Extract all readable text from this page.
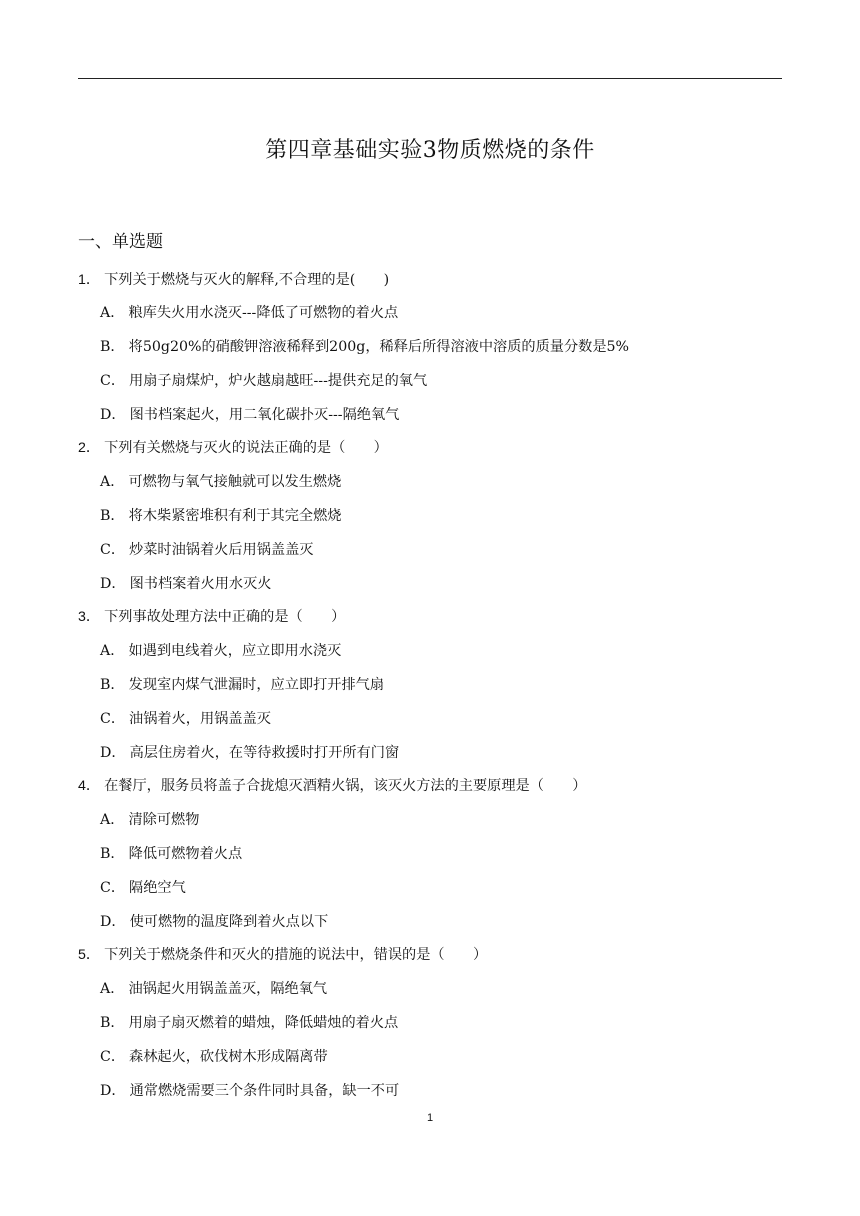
第四章基础实验3物质燃烧的条件
一、单选题
1． 下列关于燃烧与灭火的解释,不合理的是(　　)
A． 粮库失火用水浇灭---降低了可燃物的着火点
B． 将50g20%的硝酸钾溶液稀释到200g，稀释后所得溶液中溶质的质量分数是5%
C． 用扇子扇煤炉，炉火越扇越旺---提供充足的氧气
D． 图书档案起火，用二氧化碳扑灭---隔绝氧气
2． 下列有关燃烧与灭火的说法正确的是（　　）
A． 可燃物与氧气接触就可以发生燃烧
B． 将木柴紧密堆积有利于其完全燃烧
C． 炒菜时油锅着火后用锅盖盖灭
D． 图书档案着火用水灭火
3． 下列事故处理方法中正确的是（　　）
A． 如遇到电线着火，应立即用水浇灭
B． 发现室内煤气泄漏时，应立即打开排气扇
C． 油锅着火，用锅盖盖灭
D． 高层住房着火，在等待救援时打开所有门窗
4． 在餐厅，服务员将盖子合拢熄灭酒精火锅，该灭火方法的主要原理是（　　）
A． 清除可燃物
B． 降低可燃物着火点
C． 隔绝空气
D． 使可燃物的温度降到着火点以下
5． 下列关于燃烧条件和灭火的措施的说法中，错误的是（　　）
A． 油锅起火用锅盖盖灭，隔绝氧气
B． 用扇子扇灭燃着的蜡烛，降低蜡烛的着火点
C． 森林起火，砍伐树木形成隔离带
D． 通常燃烧需要三个条件同时具备，缺一不可
1
